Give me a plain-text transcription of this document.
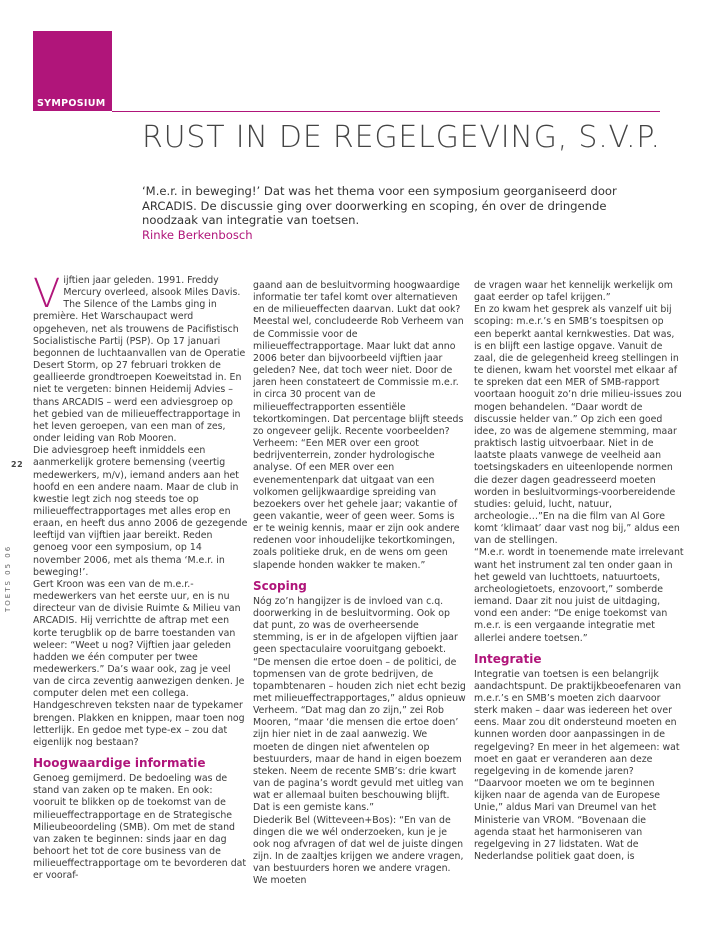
SYMPOSIUM
RUST IN DE REGELGEVING, S.V.P.
‘M.e.r. in beweging!’ Dat was het thema voor een symposium georganiseerd door ARCADIS. De discussie ging over doorwerking en scoping, én over de dringende noodzaak van integratie van toetsen.
Rinke Berkenbosch
22
TOETS 05 06
V ijftien jaar geleden. 1991. Freddy Mercury overleed, alsook Miles Davis. The Silence of the Lambs ging in première. Het Warschaupact werd opgeheven, net als trouwens de Pacifistisch Socialistische Partij (PSP). Op 17 januari begonnen de luchtaanvallen van de Operatie Desert Storm, op 27 februari trokken de geallieerde grondtroepen Koeweitstad in. En niet te vergeten: binnen Heidemij Advies – thans ARCADIS – werd een adviesgroep op het gebied van de milieueffectrapportage in het leven geroepen, van een man of zes, onder leiding van Rob Mooren.

Die adviesgroep heeft inmiddels een aanmerkelijk grotere bemensing (veertig medewerkers, m/v), iemand anders aan het hoofd en een andere naam. Maar de club in kwestie legt zich nog steeds toe op milieueffectrapportages met alles erop en eraan, en heeft dus anno 2006 de gezegende leeftijd van vijftien jaar bereikt. Reden genoeg voor een symposium, op 14 november 2006, met als thema ‘M.e.r. in beweging!’.

Gert Kroon was een van de m.e.r.-medewerkers van het eerste uur, en is nu directeur van de divisie Ruimte & Milieu van ARCADIS. Hij verrichtte de aftrap met een korte terugblik op de barre toestanden van weleer: “Weet u nog? Vijftien jaar geleden hadden we één computer per twee medewerkers.” Da’s waar ook, zag je veel van de circa zeventig aanwezigen denken. Je computer delen met een collega. Handgeschreven teksten naar de typekamer brengen. Plakken en knippen, maar toen nog letterlijk. En gedoe met type-ex – zou dat eigenlijk nog bestaan?

Hoogwaardige informatie

Genoeg gemijmerd. De bedoeling was de stand van zaken op te maken. En ook: vooruit te blikken op de toekomst van de milieueffectrapportage en de Strategische Milieubeoordeling (SMB). Om met de stand van zaken te beginnen: sinds jaar en dag behoort het tot de core business van de milieueffectrapportage om te bevorderen dat er vooraf-

gaand aan de besluitvorming hoogwaardige informatie ter tafel komt over alternatieven en de milieueffecten daarvan. Lukt dat ook? Meestal wel, concludeerde Rob Verheem van de Commissie voor de milieueffectrapportage. Maar lukt dat anno 2006 beter dan bijvoorbeeld vijftien jaar geleden? Nee, dat toch weer niet. Door de jaren heen constateert de Commissie m.e.r. in circa 30 procent van de milieueffectrapporten essentiële tekortkomingen. Dat percentage blijft steeds zo ongeveer gelijk. Recente voorbeelden? Verheem: “Een MER over een groot bedrijventerrein, zonder hydrologische analyse. Of een MER over een evenementenpark dat uitgaat van een volkomen gelijkwaardige spreiding van bezoekers over het gehele jaar; vakantie of geen vakantie, weer of geen weer. Soms is er te weinig kennis, maar er zijn ook andere redenen voor inhoudelijke tekortkomingen, zoals politieke druk, en de wens om geen slapende honden wakker te maken.”

Scoping

Nóg zo’n hangijzer is de invloed van c.q. doorwerking in de besluitvorming. Ook op dat punt, zo was de overheersende stemming, is er in de afgelopen vijftien jaar geen spectaculaire vooruitgang geboekt. “De mensen die ertoe doen – de politici, de topmensen van de grote bedrijven, de topambtenaren – houden zich niet echt bezig met milieueffectrapportages,” aldus opnieuw Verheem. “Dat mag dan zo zijn,” zei Rob Mooren, “maar ‘die mensen die ertoe doen’ zijn hier niet in de zaal aanwezig. We moeten de dingen niet afwentelen op bestuurders, maar de hand in eigen boezem steken. Neem de recente SMB’s: drie kwart van de pagina’s wordt gevuld met uitleg van wat er allemaal buiten beschouwing blijft. Dat is een gemiste kans.”

Diederik Bel (Witteveen+Bos): “En van de dingen die we wél onderzoeken, kun je je ook nog afvragen of dat wel de juiste dingen zijn. In de zaaltjes krijgen we andere vragen, van bestuurders horen we andere vragen. We moeten

de vragen waar het kennelijk werkelijk om gaat eerder op tafel krijgen.”

En zo kwam het gesprek als vanzelf uit bij scoping: m.e.r.’s en SMB’s toespitsen op een beperkt aantal kernkwesties. Dat was, is en blijft een lastige opgave. Vanuit de zaal, die de gelegenheid kreeg stellingen in te dienen, kwam het voorstel met elkaar af te spreken dat een MER of SMB-rapport voortaan hooguit zo’n drie milieu-issues zou mogen behandelen. “Daar wordt de discussie helder van.” Op zich een goed idee, zo was de algemene stemming, maar praktisch lastig uitvoerbaar. Niet in de laatste plaats vanwege de veelheid aan toetsingskaders en uiteenlopende normen die dezer dagen geadresseerd moeten worden in besluitvormings-voorbereidende studies: geluid, lucht, natuur, archeologie…”En na die film van Al Gore komt ‘klimaat’ daar vast nog bij,” aldus een van de stellingen.

“M.e.r. wordt in toenemende mate irrelevant want het instrument zal ten onder gaan in het geweld van luchttoets, natuurtoets, archeologietoets, enzovoort,” somberde iemand. Daar zit nou juist de uitdaging, vond een ander: “De enige toekomst van m.e.r. is een vergaande integratie met allerlei andere toetsen.”

Integratie

Integratie van toetsen is een belangrijk aandachtspunt. De praktijkbeoefenaren van m.e.r.’s en SMB’s moeten zich daarvoor sterk maken – daar was iedereen het over eens. Maar zou dit ondersteund moeten en kunnen worden door aanpassingen in de regelgeving? En meer in het algemeen: wat moet en gaat er veranderen aan deze regelgeving in de komende jaren?

“Daarvoor moeten we om te beginnen kijken naar de agenda van de Europese Unie,” aldus Mari van Dreumel van het Ministerie van VROM. “Bovenaan die agenda staat het harmoniseren van regelgeving in 27 lidstaten. Wat de Nederlandse politiek gaat doen, is
